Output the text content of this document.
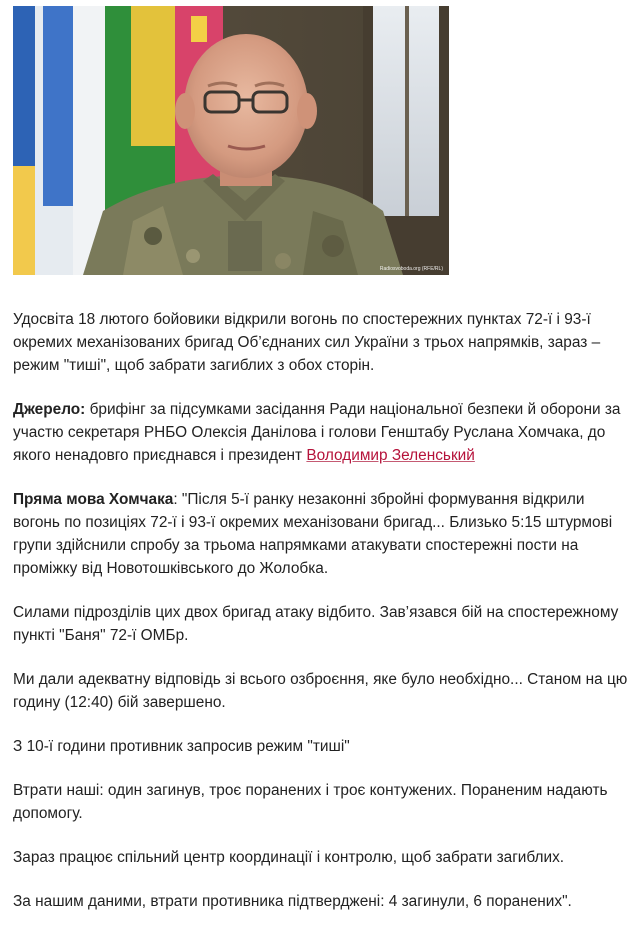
Radiosvoboda.org (RFE/RL)

Удосвіта 18 лютого бойовики відкрили вогонь по спостережних пунктах 72-ї і 93-ї окремих механізованих бригад Об’єднаних сил України з трьох напрямків, зараз – режим "тиші", щоб забрати загиблих з обох сторін.

Джерело: брифінг за підсумками засідання Ради національної безпеки й оборони за участю секретаря РНБО Олексія Данілова і голови Генштабу Руслана Хомчака, до якого ненадовго приєднався і президент Володимир Зеленський

Пряма мова Хомчака: "Після 5-ї ранку незаконні збройні формування відкрили вогонь по позиціях 72-ї і 93-ї окремих механізовани бригад... Близько 5:15 штурмові групи здійснили спробу за трьома напрямками атакувати спостережні пости на проміжку від Новотошківського до Жолобка.

Силами підрозділів цих двох бригад атаку відбито. Зав’язався бій на спостережному пункті "Баня" 72-ї ОМБр.

Ми дали адекватну відповідь зі всього озброєння, яке було необхідно... Станом на цю годину (12:40) бій завершено.

З 10-ї години противник запросив режим "тиші"

Втрати наші: один загинув, троє поранених і троє контужених. Пораненим надають допомогу.

Зараз працює спільний центр координації і контролю, щоб забрати загиблих.

За нашим даними, втрати противника підтверджені: 4 загинули, 6 поранених".
